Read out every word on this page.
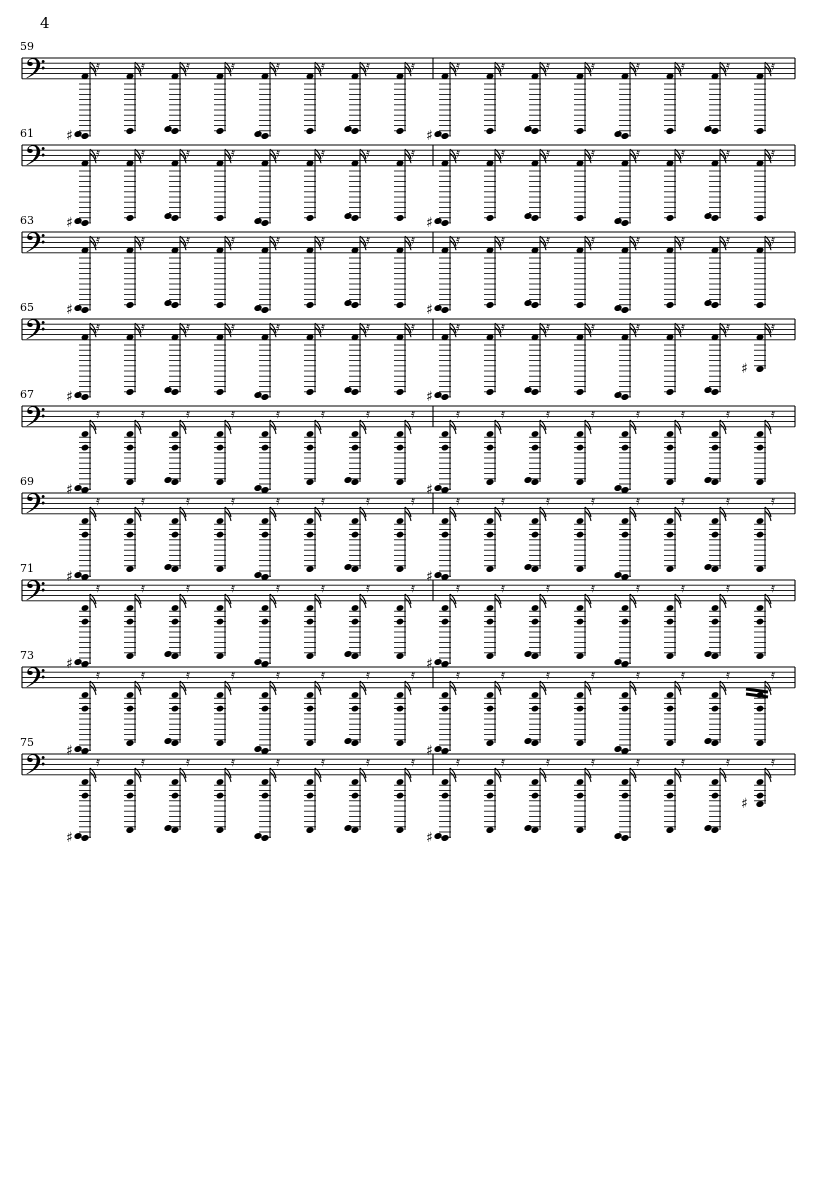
4
59
𝄢
♯
𝄿	𝄿	𝄿	𝄿	𝄿	𝄿	𝄿	𝄿
♯
𝄿	𝄿	𝄿	𝄿	𝄿	𝄿	𝄿	𝄿
61
𝄢
♯
𝄿	𝄿	𝄿	𝄿	𝄿	𝄿	𝄿	𝄿
♯
𝄿	𝄿	𝄿	𝄿	𝄿	𝄿	𝄿	𝄿
63
𝄢
♯
𝄿	𝄿	𝄿	𝄿	𝄿	𝄿	𝄿	𝄿
♯
𝄿	𝄿	𝄿	𝄿	𝄿	𝄿	𝄿	𝄿
65
𝄢
♯
𝄿	𝄿	𝄿	𝄿	𝄿	𝄿	𝄿	𝄿
♯
𝄿	𝄿	𝄿	𝄿	𝄿	𝄿	𝄿
♯
𝄿
67
𝄢
♯
𝄿	𝄿	𝄿	𝄿	𝄿	𝄿	𝄿	𝄿
♯
𝄿	𝄿	𝄿	𝄿	𝄿	𝄿	𝄿	𝄿
69
𝄢
♯
𝄿	𝄿	𝄿	𝄿	𝄿	𝄿	𝄿	𝄿
♯
𝄿	𝄿	𝄿	𝄿	𝄿	𝄿	𝄿	𝄿
71
𝄢
♯
𝄿	𝄿	𝄿	𝄿	𝄿	𝄿	𝄿	𝄿
♯
𝄿	𝄿	𝄿	𝄿	𝄿	𝄿	𝄿	𝄿
73
𝄢
♯
𝄿	𝄿	𝄿	𝄿	𝄿	𝄿	𝄿	𝄿
♯
𝄿	𝄿	𝄿	𝄿	𝄿	𝄿	𝄿	𝄿
75
𝄢
♯
𝄿	𝄿	𝄿	𝄿	𝄿	𝄿	𝄿	𝄿
♯
𝄿	𝄿	𝄿	𝄿	𝄿	𝄿	𝄿
♯
𝄿
